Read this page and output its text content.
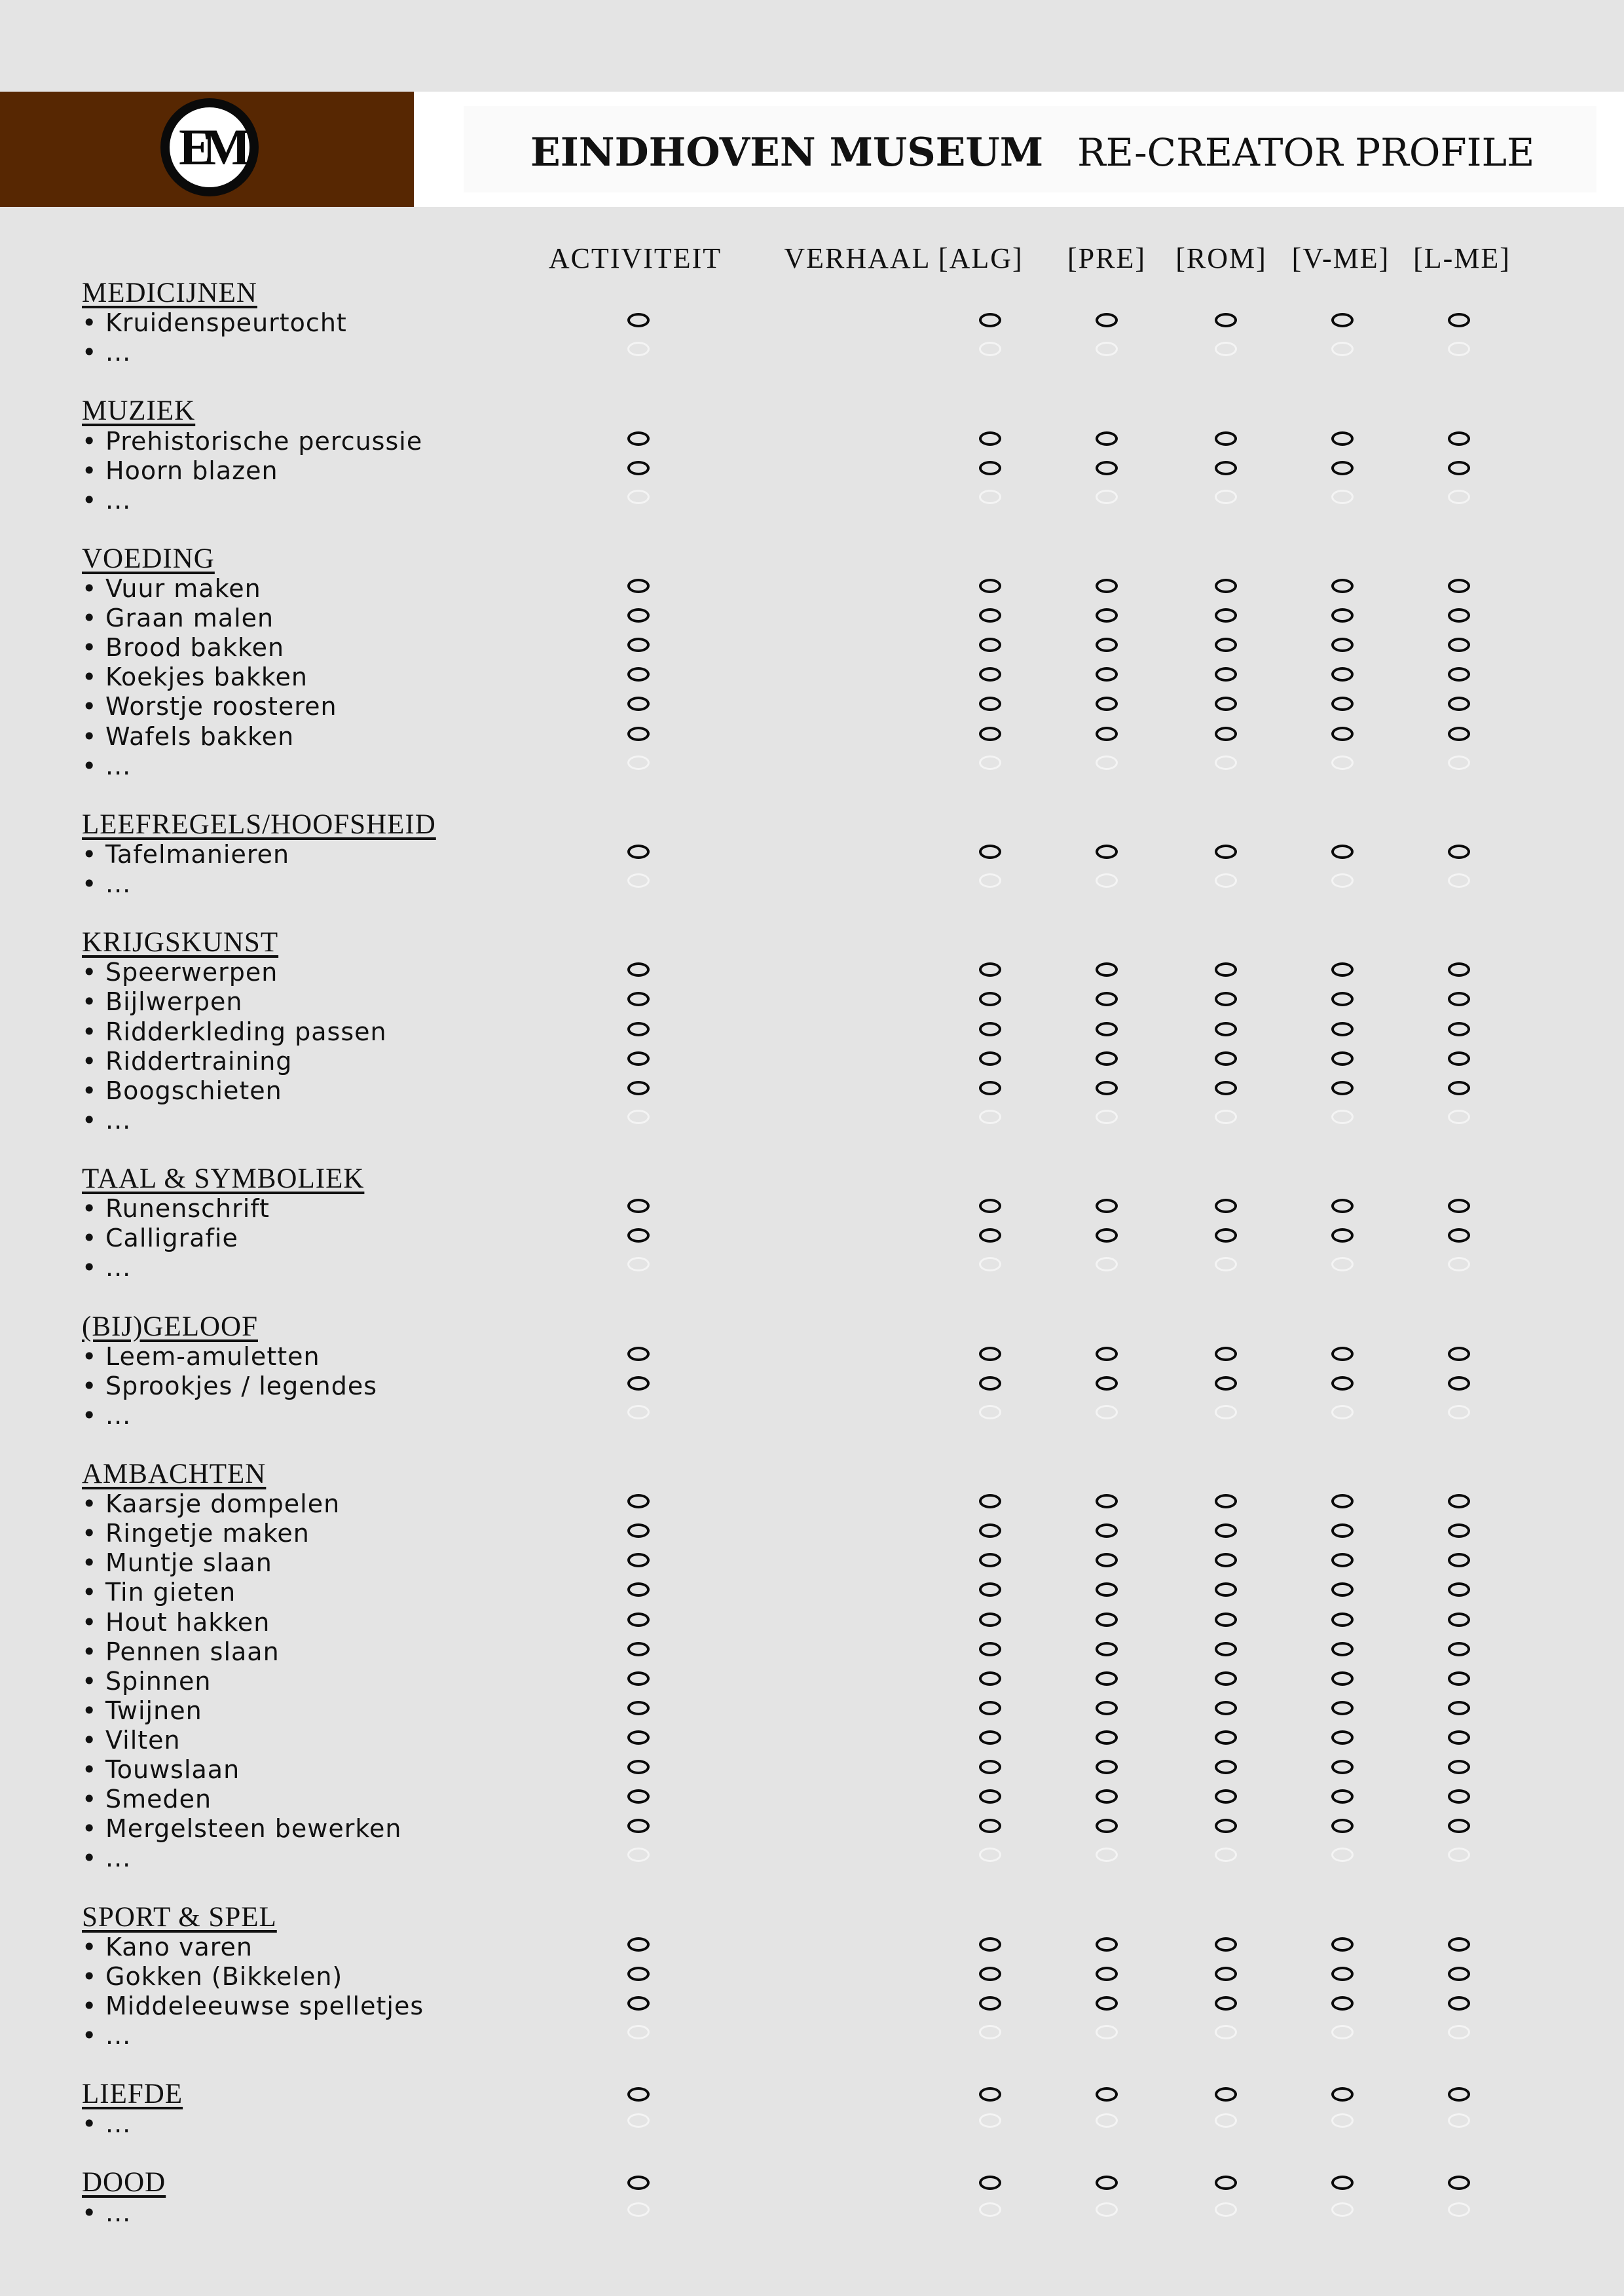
EM	EINDHOVEN MUSEUM RE-CREATOR PROFILE
ACTIVITEIT	VERHAAL [ALG]	[PRE]	[ROM] [V-ME] [L-ME]
MEDICIJNEN
• Kruidenspeurtocht
• ...
MUZIEK
• Prehistorische percussie
• Hoorn blazen
• ...
VOEDING
• Vuur maken
• Graan malen
• Brood bakken
• Koekjes bakken
• Worstje roosteren
• Wafels bakken
• ...
LEEFREGELS/HOOFSHEID
• Tafelmanieren
• ...
KRIJGSKUNST
• Speerwerpen
• Bijlwerpen
• Ridderkleding passen
• Riddertraining
• Boogschieten
• ...
TAAL & SYMBOLIEK
• Runenschrift
• Calligrafie
• ...
(BIJ)GELOOF
• Leem-amuletten
• Sprookjes / legendes
• ...
AMBACHTEN
• Kaarsje dompelen
• Ringetje maken
• Muntje slaan
• Tin gieten
• Hout hakken
• Pennen slaan
• Spinnen
• Twijnen
• Vilten
• Touwslaan
• Smeden
• Mergelsteen bewerken
• ...
SPORT & SPEL
• Kano varen
• Gokken (Bikkelen)
• Middeleeuwse spelletjes
• ...
LIEFDE
• ...
DOOD
• ...
